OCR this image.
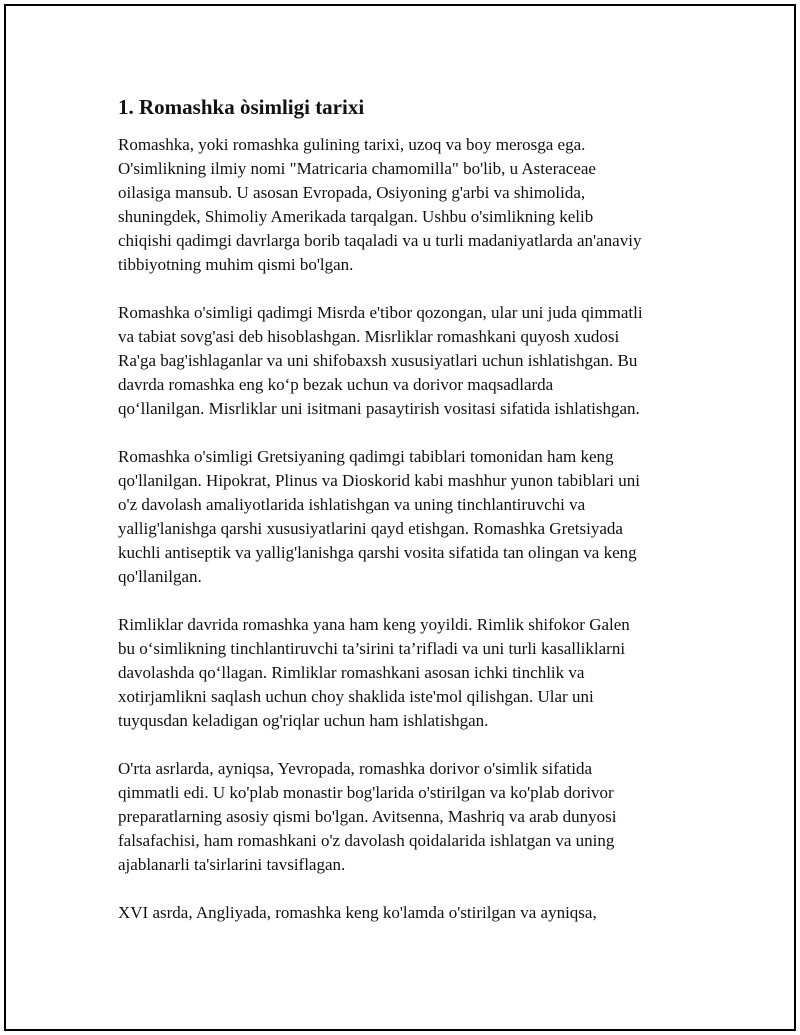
1. Romashka òsimligi tarixi

Romashka, yoki romashka gulining tarixi, uzoq va boy merosga ega.
O'simlikning ilmiy nomi "Matricaria chamomilla" bo'lib, u Asteraceae
oilasiga mansub. U asosan Evropada, Osiyoning g'arbi va shimolida,
shuningdek, Shimoliy Amerikada tarqalgan. Ushbu o'simlikning kelib
chiqishi qadimgi davrlarga borib taqaladi va u turli madaniyatlarda an'anaviy
tibbiyotning muhim qismi bo'lgan.

Romashka o'simligi qadimgi Misrda e'tibor qozongan, ular uni juda qimmatli
va tabiat sovg'asi deb hisoblashgan. Misrliklar romashkani quyosh xudosi
Ra'ga bag'ishlaganlar va uni shifobaxsh xususiyatlari uchun ishlatishgan. Bu
davrda romashka eng ko‘p bezak uchun va dorivor maqsadlarda
qo‘llanilgan. Misrliklar uni isitmani pasaytirish vositasi sifatida ishlatishgan.

Romashka o'simligi Gretsiyaning qadimgi tabiblari tomonidan ham keng
qo'llanilgan. Hipokrat, Plinus va Dioskorid kabi mashhur yunon tabiblari uni
o'z davolash amaliyotlarida ishlatishgan va uning tinchlantiruvchi va
yallig'lanishga qarshi xususiyatlarini qayd etishgan. Romashka Gretsiyada
kuchli antiseptik va yallig'lanishga qarshi vosita sifatida tan olingan va keng
qo'llanilgan.

Rimliklar davrida romashka yana ham keng yoyildi. Rimlik shifokor Galen
bu o‘simlikning tinchlantiruvchi ta’sirini ta’rifladi va uni turli kasalliklarni
davolashda qo‘llagan. Rimliklar romashkani asosan ichki tinchlik va
xotirjamlikni saqlash uchun choy shaklida iste'mol qilishgan. Ular uni
tuyqusdan keladigan og'riqlar uchun ham ishlatishgan.

O'rta asrlarda, ayniqsa, Yevropada, romashka dorivor o'simlik sifatida
qimmatli edi. U ko'plab monastir bog'larida o'stirilgan va ko'plab dorivor
preparatlarning asosiy qismi bo'lgan. Avitsenna, Mashriq va arab dunyosi
falsafachisi, ham romashkani o'z davolash qoidalarida ishlatgan va uning
ajablanarli ta'sirlarini tavsiflagan.

XVI asrda, Angliyada, romashka keng ko'lamda o'stirilgan va ayniqsa,
